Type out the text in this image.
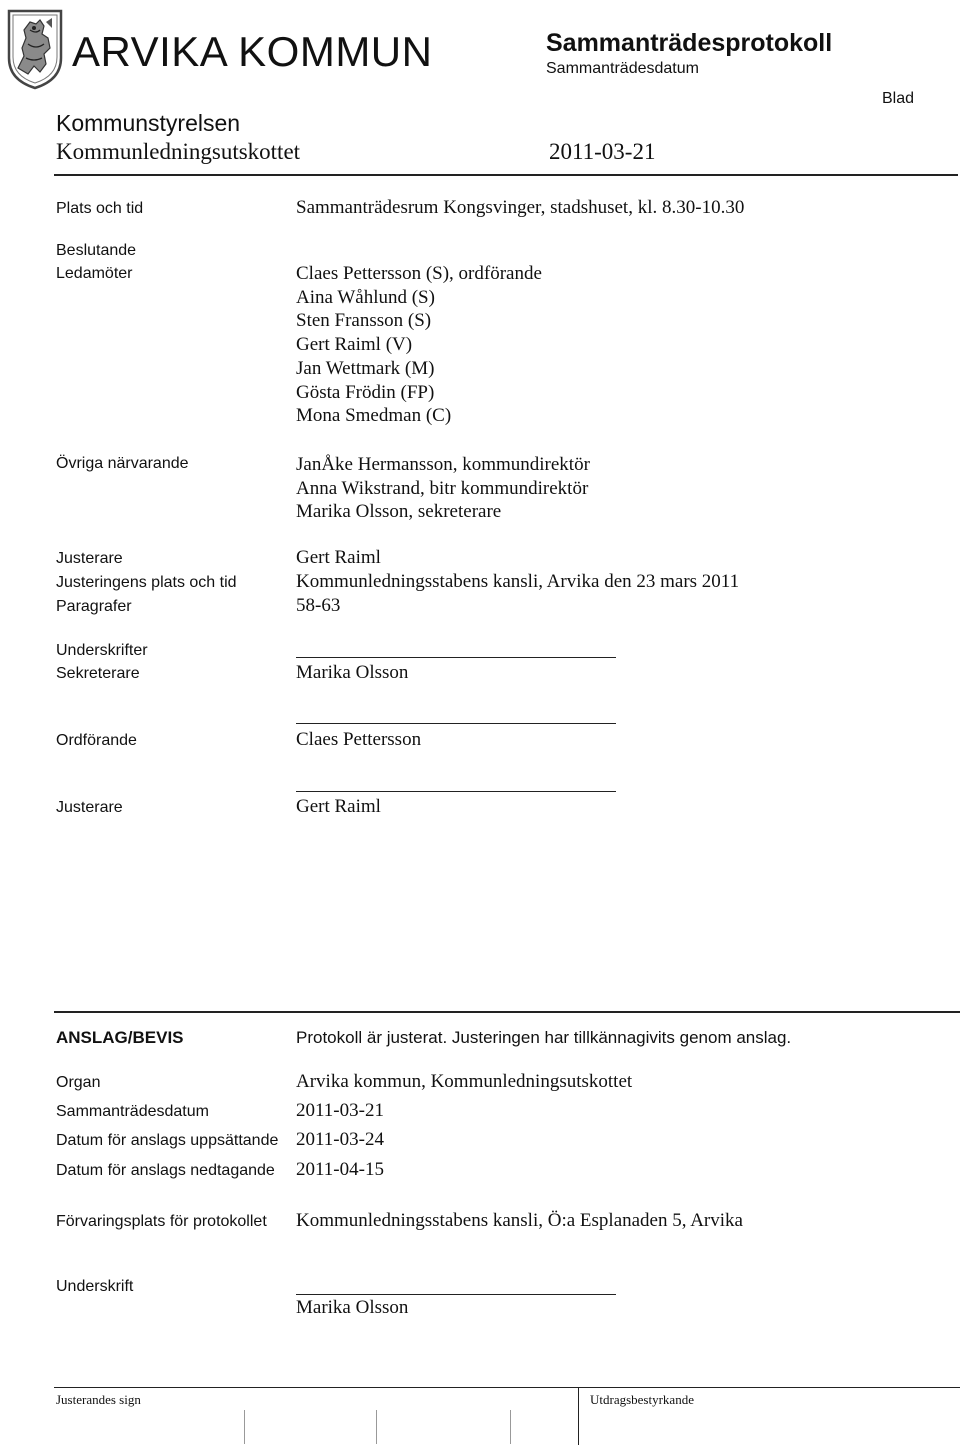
ARVIKA KOMMUN	Sammanträdesprotokoll
Sammanträdesdatum
Blad
Kommunstyrelsen
Kommunledningsutskottet	2011-03-21
Plats och tid	Sammanträdesrum Kongsvinger, stadshuset, kl. 8.30-10.30
Beslutande
Ledamöter	Claes Pettersson (S), ordförande
Aina Wåhlund (S)
Sten Fransson (S)
Gert Raiml (V)
Jan Wettmark (M)
Gösta Frödin (FP)
Mona Smedman (C)
Övriga närvarande	JanÅke Hermansson, kommundirektör
Anna Wikstrand, bitr kommundirektör
Marika Olsson, sekreterare
Justerare	Gert Raiml
Justeringens plats och tid	Kommunledningsstabens kansli, Arvika den 23 mars 2011
Paragrafer	58-63
Underskrifter
Sekreterare	Marika Olsson
Ordförande	Claes Pettersson
Justerare	Gert Raiml
ANSLAG/BEVIS	Protokoll är justerat. Justeringen har tillkännagivits genom anslag.
Organ	Arvika kommun, Kommunledningsutskottet
Sammanträdesdatum	2011-03-21
Datum för anslags uppsättande 2011-03-24
Datum för anslags nedtagande 2011-04-15
Förvaringsplats för protokollet Kommunledningsstabens kansli, Ö:a Esplanaden 5, Arvika
Underskrift
Marika Olsson
Justerandes sign	Utdragsbestyrkande
